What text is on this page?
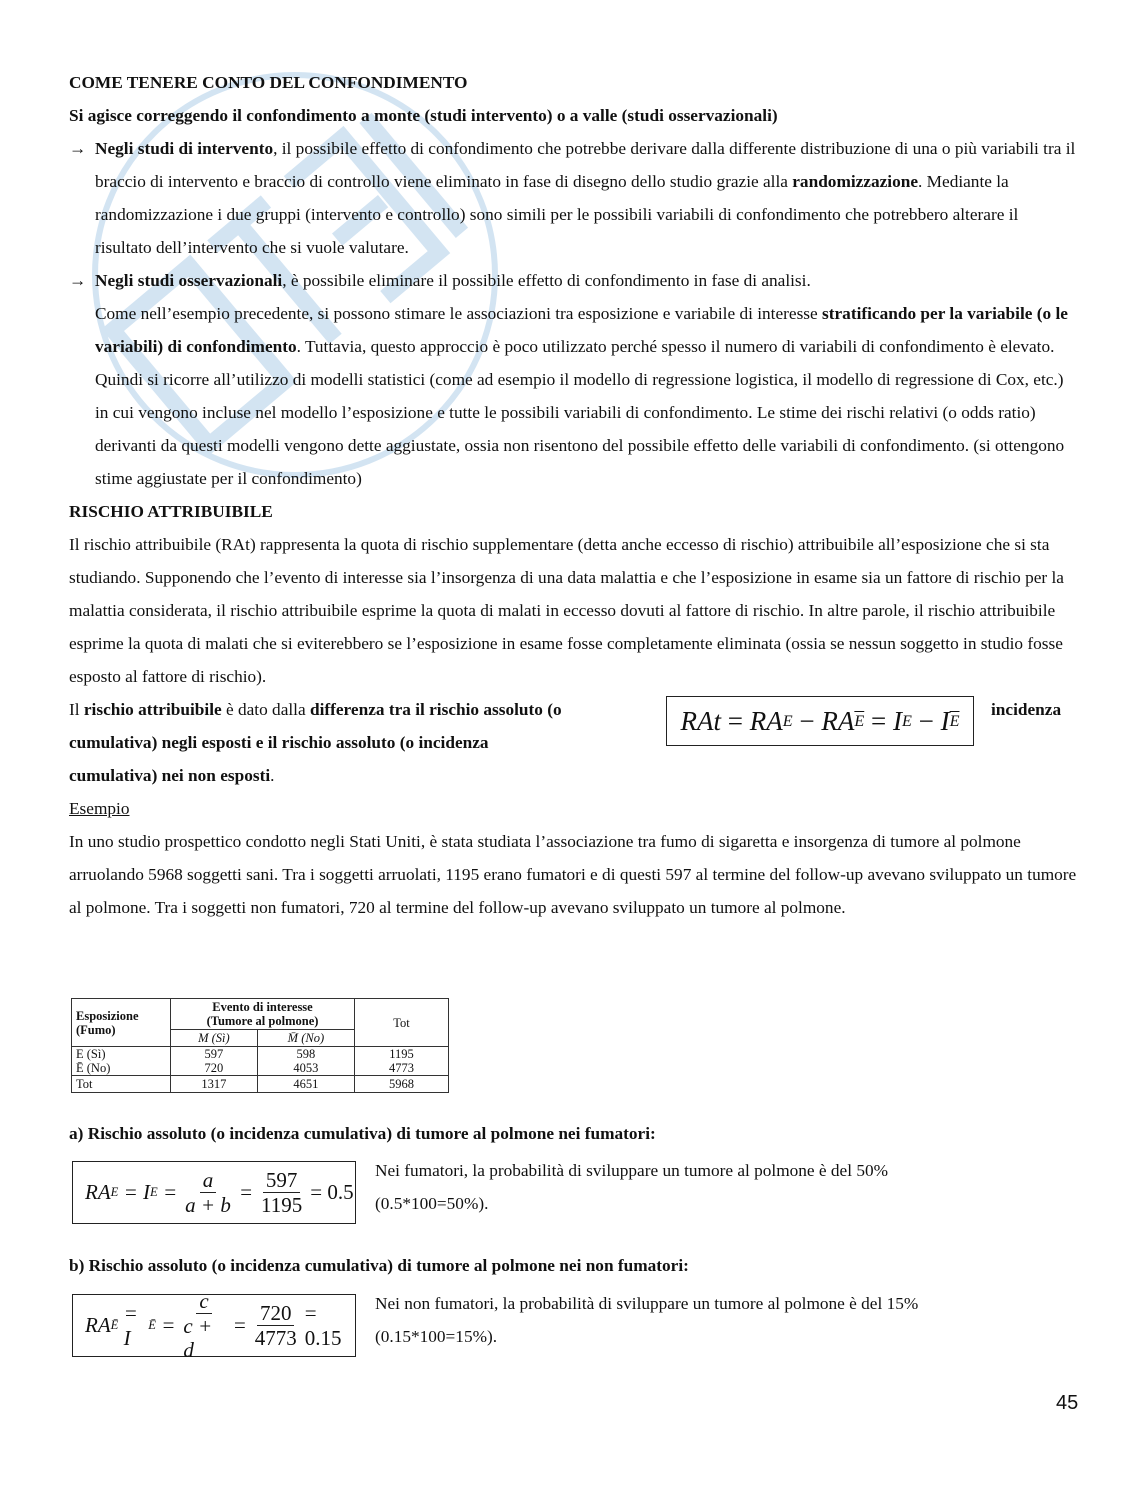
COME TENERE CONTO DEL CONFONDIMENTO

Si agisce correggendo il confondimento a monte (studi intervento) o a valle (studi osservazionali)

→ Negli studi di intervento, il possibile effetto di confondimento che potrebbe derivare dalla differente distribuzione di una o più variabili tra il braccio di intervento e braccio di controllo viene eliminato in fase di disegno dello studio grazie alla randomizzazione. Mediante la randomizzazione i due gruppi (intervento e controllo) sono simili per le possibili variabili di confondimento che potrebbero alterare il risultato dell’intervento che si vuole valutare.

→ Negli studi osservazionali, è possibile eliminare il possibile effetto di confondimento in fase di analisi.

Come nell’esempio precedente, si possono stimare le associazioni tra esposizione e variabile di interesse stratificando per la variabile (o le variabili) di confondimento. Tuttavia, questo approccio è poco utilizzato perché spesso il numero di variabili di confondimento è elevato. Quindi si ricorre all’utilizzo di modelli statistici (come ad esempio il modello di regressione logistica, il modello di regressione di Cox, etc.) in cui vengono incluse nel modello l’esposizione e tutte le possibili variabili di confondimento. Le stime dei rischi relativi (o odds ratio) derivanti da questi modelli vengono dette aggiustate, ossia non risentono del possibile effetto delle variabili di confondimento. (si ottengono stime aggiustate per il confondimento)

RISCHIO ATTRIBUIBILE

Il rischio attribuibile (RAt) rappresenta la quota di rischio supplementare (detta anche eccesso di rischio) attribuibile all’esposizione che si sta studiando. Supponendo che l’evento di interesse sia l’insorgenza di una data malattia e che l’esposizione in esame sia un fattore di rischio per la malattia considerata, il rischio attribuibile esprime la quota di malati in eccesso dovuti al fattore di rischio. In altre parole, il rischio attribuibile esprime la quota di malati che si eviterebbero se l’esposizione in esame fosse completamente eliminata (ossia se nessun soggetto in studio fosse esposto al fattore di rischio).

Il rischio attribuibile è dato dalla differenza tra il rischio assoluto (o
cumulativa) negli esposti e il rischio assoluto (o incidenza
cumulativa) nei non esposti.

incidenza
RAt
=
RA E
−
RA $\overline{E}$
=
I E
−
I $\overline{E}$

Esempio

In uno studio prospettico condotto negli Stati Uniti, è stata studiata l’associazione tra fumo di sigaretta e insorgenza di tumore al polmone arruolando 5968 soggetti sani. Tra i soggetti arruolati, 1195 erano fumatori e di questi 597 al termine del follow-up avevano sviluppato un tumore al polmone. Tra i soggetti non fumatori, 720 al termine del follow-up avevano sviluppato un tumore al polmone.

Esposizione (Fumo)	Evento di interesse
(Tumore al polmone)		Tot
	M (Sì)	M̄ (No)	
E (Sì)	597	598	1195
Ē (No)	720	4053	4773
Tot	1317	4651	5968

a) Rischio assoluto (o incidenza cumulativa) di tumore al polmone nei fumatori:

RA E
= I $E = \frac{a}{a + b} = \frac{597}{1195} = 0.5$

Nei fumatori, la probabilità di sviluppare un tumore al polmone è del 50%
(0.5*100=50%).

b) Rischio assoluto (o incidenza cumulativa) di tumore al polmone nei non fumatori:

RA Ē

= I
Ē = $\frac{c}{c + d} = \frac{720}{4773} = 0.15$

Nei non fumatori, la probabilità di sviluppare un tumore al polmone è del 15%
(0.15*100=15%).

45
